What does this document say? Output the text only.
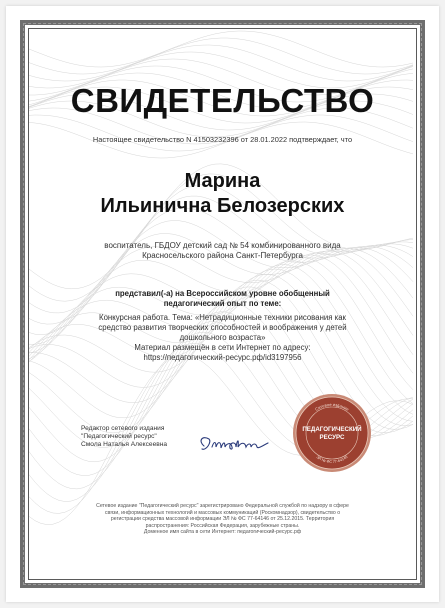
СВИДЕТЕЛЬСТВО
Настоящее свидетельство N 41503232396 от 28.01.2022 подтверждает, что
Марина
Ильинична Белозерских
воспитатель, ГБДОУ детский сад № 54 комбинированного вида
Красносельского района Санкт-Петербурга
представил(-а) на Всероссийском уровне обобщенный
педагогический опыт по теме:
Конкурсная работа. Тема: «Нетрадиционные техники рисования как
средство развития творческих способностей и воображения у детей
дошкольного возраста»
Материал размещён в сети Интернет по адресу:
https://педагогический-ресурс.рф/id3197956
Редактор сетевого издания
"Педагогический ресурс"
Смола Наталья Алексеевна
Сетевое издание
ПЕДАГОГИЧЕСКИЙ
РЕСУРС
ЭЛ № ФС 77-64146
Сетевое издание "Педагогический ресурс" зарегистрировано Федеральной службой по надзору в сфере
связи, информационных технологий и массовых коммуникаций (Роскомнадзор), свидетельство о
регистрации средства массовой информации ЭЛ № ФС 77-64146 от 25.12.2015. Территория
распространения: Российская Федерация, зарубежные страны.
Доменное имя сайта в сети Интернет: педагогический-ресурс.рф
